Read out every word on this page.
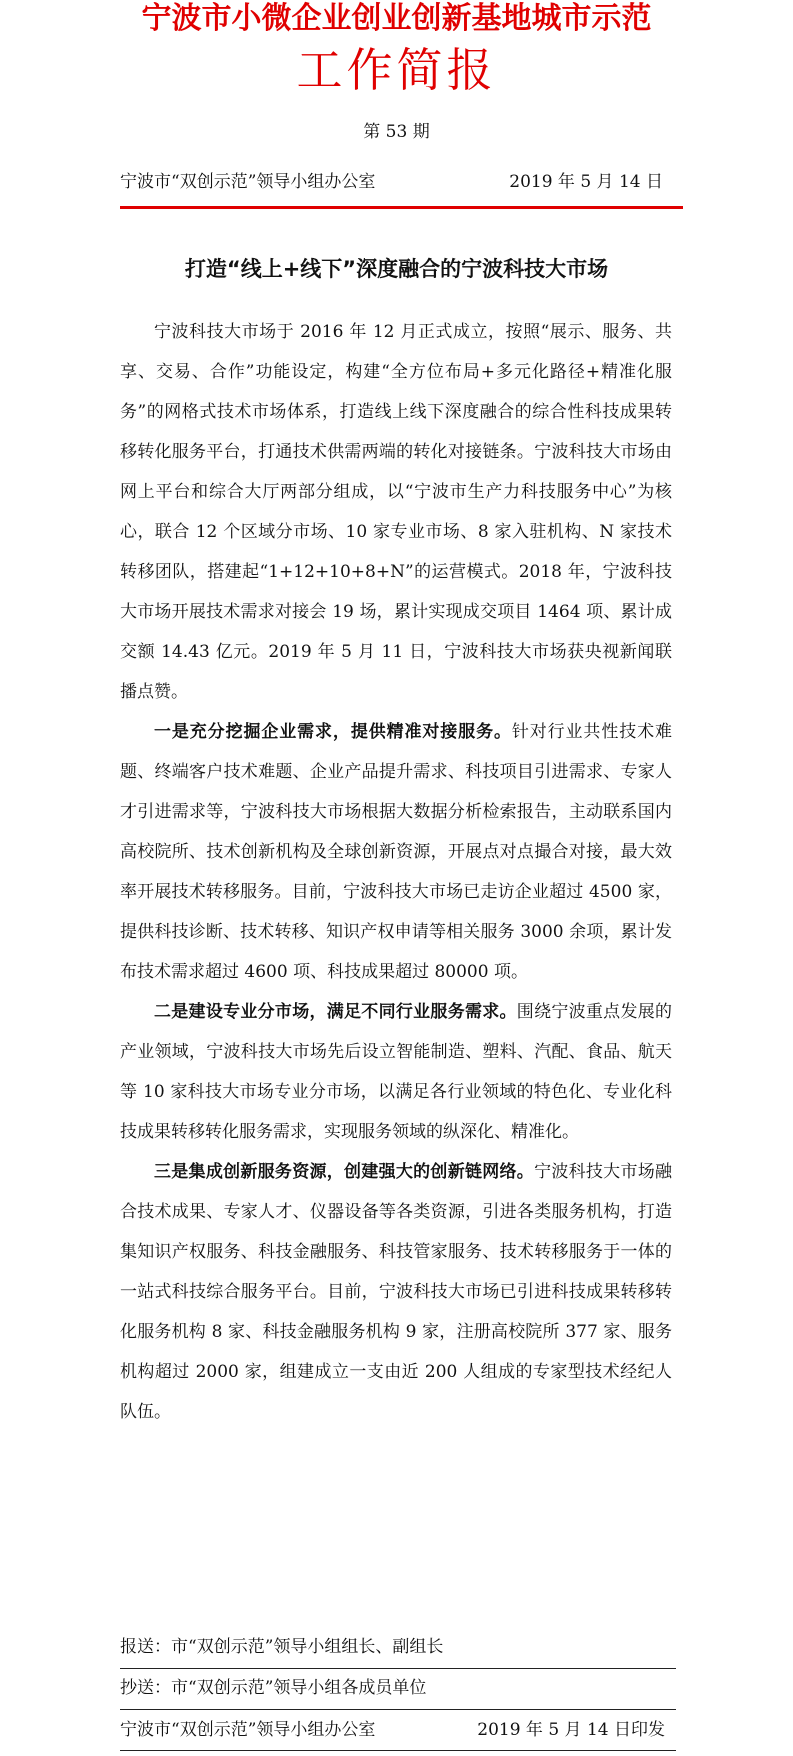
宁波市小微企业创业创新基地城市示范
工作简报
第 53 期
宁波市“双创示范”领导小组办公室	2019 年 5 月 14 日
打造“线上+线下”深度融合的宁波科技大市场

宁波科技大市场于 2016 年 12 月正式成立，按照“展示、服务、共享、交易、合作”功能设定，构建“全方位布局+多元化路径+精准化服务”的网格式技术市场体系，打造线上线下深度融合的综合性科技成果转移转化服务平台，打通技术供需两端的转化对接链条。宁波科技大市场由网上平台和综合大厅两部分组成，以“宁波市生产力科技服务中心”为核心，联合 12 个区域分市场、10 家专业市场、8 家入驻机构、N 家技术转移团队，搭建起“1+12+10+8+N”的运营模式。2018 年，宁波科技大市场开展技术需求对接会 19 场，累计实现成交项目 1464 项、累计成交额 14.43 亿元。2019 年 5 月 11 日，宁波科技大市场获央视新闻联播点赞。

一是充分挖掘企业需求，提供精准对接服务。针对行业共性技术难题、终端客户技术难题、企业产品提升需求、科技项目引进需求、专家人才引进需求等，宁波科技大市场根据大数据分析检索报告，主动联系国内高校院所、技术创新机构及全球创新资源，开展点对点撮合对接，最大效率开展技术转移服务。目前，宁波科技大市场已走访企业超过 4500 家，提供科技诊断、技术转移、知识产权申请等相关服务 3000 余项，累计发布技术需求超过 4600 项、科技成果超过 80000 项。

二是建设专业分市场，满足不同行业服务需求。围绕宁波重点发展的产业领域，宁波科技大市场先后设立智能制造、塑料、汽配、食品、航天等 10 家科技大市场专业分市场，以满足各行业领域的特色化、专业化科技成果转移转化服务需求，实现服务领域的纵深化、精准化。

三是集成创新服务资源，创建强大的创新链网络。宁波科技大市场融合技术成果、专家人才、仪器设备等各类资源，引进各类服务机构，打造集知识产权服务、科技金融服务、科技管家服务、技术转移服务于一体的一站式科技综合服务平台。目前，宁波科技大市场已引进科技成果转移转化服务机构 8 家、科技金融服务机构 9 家，注册高校院所 377 家、服务机构超过 2000 家，组建成立一支由近 200 人组成的专家型技术经纪人队伍。

报送：市“双创示范”领导小组组长、副组长
抄送：市“双创示范”领导小组各成员单位
宁波市“双创示范”领导小组办公室	2019 年 5 月 14 日印发
